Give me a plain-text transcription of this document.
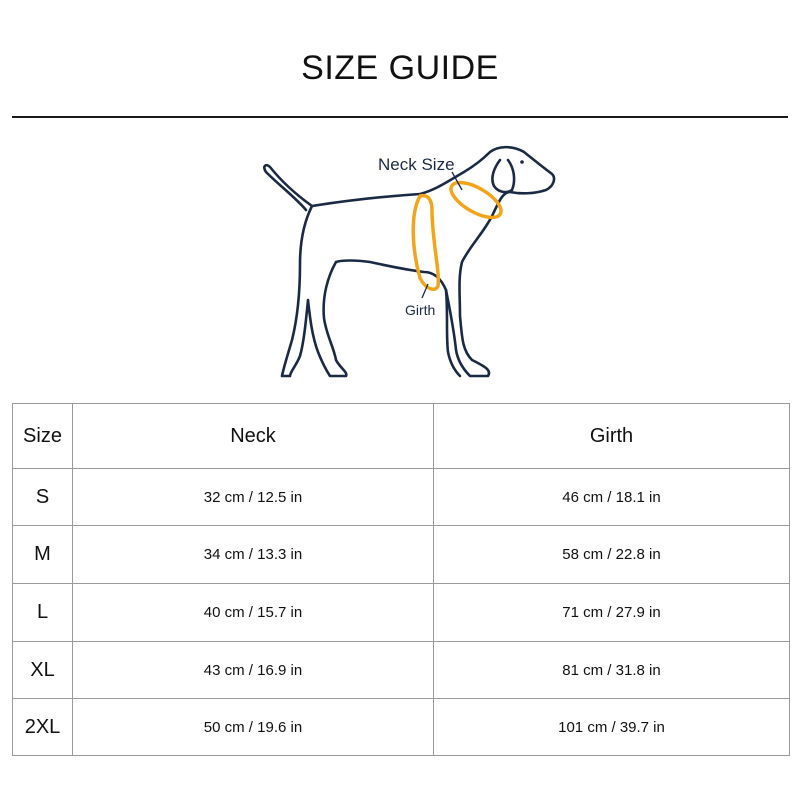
SIZE GUIDE
Neck Size
Girth
Size	Neck	Girth
S	32 cm / 12.5 in	46 cm / 18.1 in
M	34 cm / 13.3 in	58 cm / 22.8 in
L	40 cm / 15.7 in	71 cm / 27.9 in
XL	43 cm / 16.9 in	81 cm / 31.8 in
2XL	50 cm / 19.6 in	101 cm / 39.7 in
